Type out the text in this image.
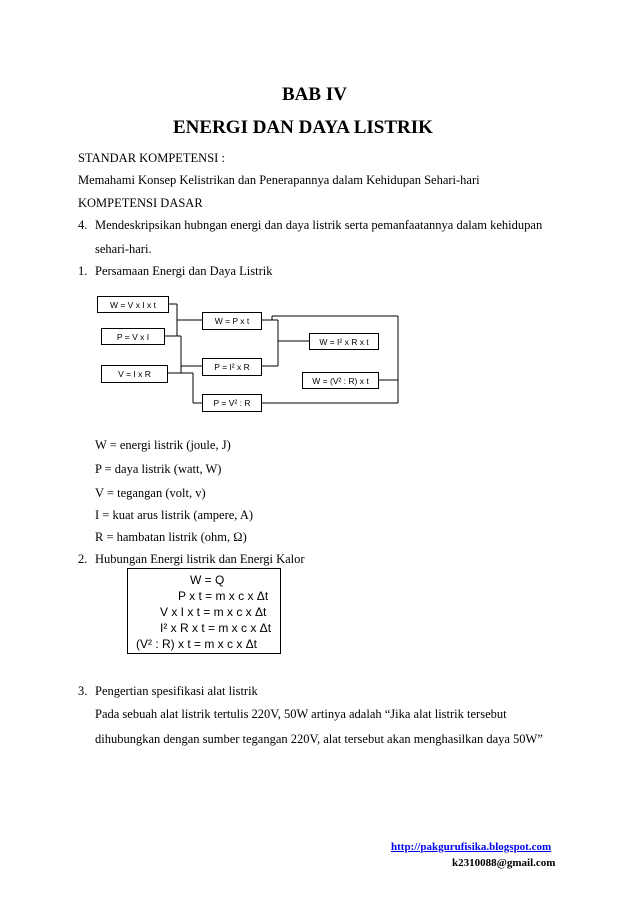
BAB IV
ENERGI DAN DAYA LISTRIK
STANDAR KOMPETENSI :
Memahami Konsep Kelistrikan dan Penerapannya dalam Kehidupan Sehari-hari
KOMPETENSI DASAR
4. Mendeskripsikan hubngan energi dan daya listrik serta pemanfaatannya dalam kehidupan
sehari-hari.
1. Persamaan Energi dan Daya Listrik
W = V x I x t
P = V x I
V = I x R
W = P x t
P = I² x R
P = V² : R
W = I² x R x t
W = (V² : R) x t
W = energi listrik (joule, J)
P = daya listrik (watt, W)
V = tegangan (volt, v)
I = kuat arus listrik (ampere, A)
R = hambatan listrik (ohm, Ω)
2. Hubungan Energi listrik dan Energi Kalor
W = Q
P x t = m x c x Δt
V x I x t = m x c x Δt
I² x R x t = m x c x Δt
(V² : R) x t = m x c x Δt
3. Pengertian spesifikasi alat listrik
Pada sebuah alat listrik tertulis 220V, 50W artinya adalah “Jika alat listrik tersebut
dihubungkan dengan sumber tegangan 220V, alat tersebut akan menghasilkan daya 50W”
http://pakgurufisika.blogspot.com
k2310088@gmail.com
